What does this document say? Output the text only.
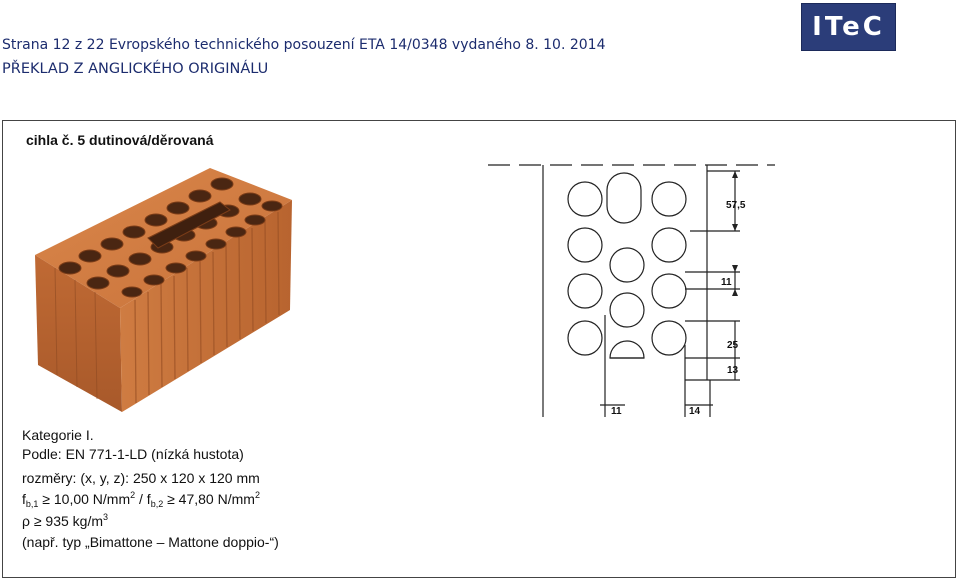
Strana 12 z 22 Evropského technického posouzení ETA 14/0348 vydaného 8. 10. 2014
PŘEKLAD Z ANGLICKÉHO ORIGINÁLU
ITeC
cihla č. 5 dutinová/děrovaná
57,5
11
25
13
11	14
Kategorie I.
Podle: EN 771-1-LD (nízká hustota)
rozměry: (x, y, z): 250 x 120 x 120 mm
$f_{b,1} \ge 10,00$ $N/mm^2 / f_{b,2} \ge 47,80$ $N/mm^2$
ρ ≥ 935 $kg/m^3$
(např. typ „Bimattone – Mattone doppio-“)
